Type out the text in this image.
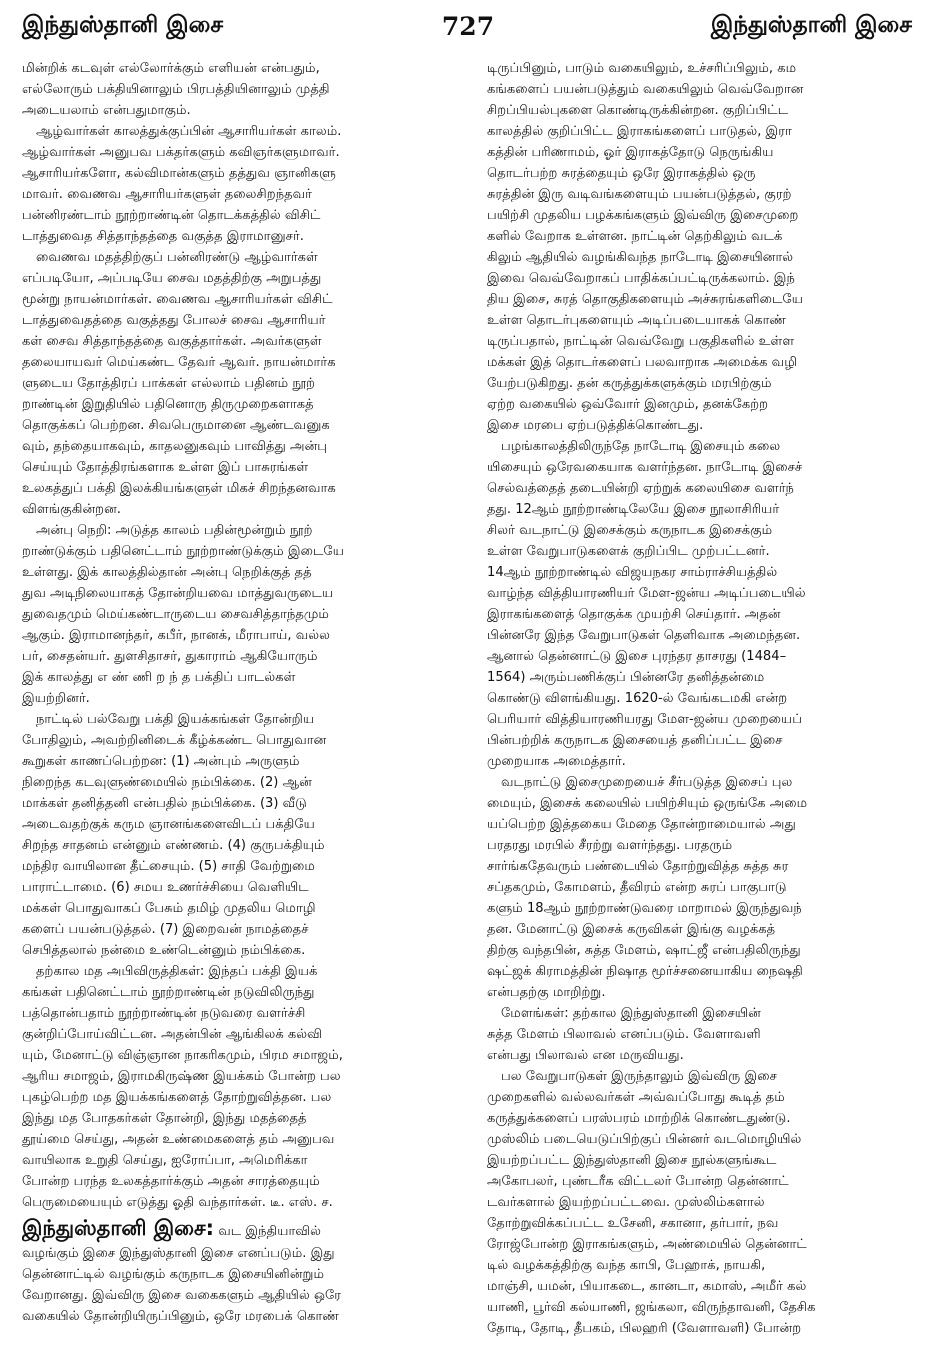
இந்துஸ்தானி இசை	727	இந்துஸ்தானி இசை
மின்றிக் கடவுள் எல்லோர்க்கும் எளியன் என்பதும்,
எல்லோரும் பக்தியினாலும் பிரபத்தியினாலும் முத்தி
அடையலாம் என்பதுமாகும்.
ஆழ்வார்கள் காலத்துக்குப்பின் ஆசாரியர்கள் காலம்.
ஆழ்வார்கள் அனுபவ பக்தர்களும் கவிஞர்களுமாவர்.
ஆசாரியர்களோ, கல்விமான்களும் தத்துவ ஞானிகளு
மாவர். வைணவ ஆசாரியர்களுள் தலைசிறந்தவர்
பன்னிரண்டாம் நூற்றாண்டின் தொடக்கத்தில் விசிட்
டாத்துவைத சித்தாந்தத்தை வகுத்த இராமானுசர்.
வைணவ மதத்திற்குப் பன்னிரண்டு ஆழ்வார்கள்
எப்படியோ, அப்படியே சைவ மதத்திற்கு அறுபத்து
மூன்று நாயன்மார்கள். வைணவ ஆசாரியர்கள் விசிட்
டாத்துவைதத்தை வகுத்தது போலச் சைவ ஆசாரியர்
கள் சைவ சித்தாந்தத்தை வகுத்தார்கள். அவர்களுள்
தலையாயவர் மெய்கண்ட தேவர் ஆவர். நாயன்மார்க
ளுடைய தோத்திரப் பாக்கள் எல்லாம் பதினம் நூற்
றாண்டின் இறுதியில் பதினொரு திருமுறைகளாகத்
தொகுக்கப் பெற்றன. சிவபெருமானை ஆண்டவனுக
வும், தந்தையாகவும், காதலனுகவும் பாவித்து அன்பு
செய்யும் தோத்திரங்களாக உள்ள இப் பாசுரங்கள்
உலகத்துப் பக்தி இலக்கியங்களுள் மிகச் சிறந்தனவாக
விளங்குகின்றன.
அன்பு நெறி: அடுத்த காலம் பதின்மூன்றும் நூற்
றாண்டுக்கும் பதினெட்டாம் நூற்றாண்டுக்கும் இடையே
உள்ளது. இக் காலத்தில்தான் அன்பு நெறிக்குத் தத்
துவ அடிநிலையாகத் தோன்றியவை மாத்துவருடைய
துவைதமும் மெய்கண்டாருடைய சைவசித்தாந்தமும்
ஆகும். இராமானந்தர், கபீர், நானக், மீராபாய், வல்ல
பர், சைதன்யர். துளசிதாசர், துகாராம் ஆகியோரும்
இக் காலத்து எ ண் ணி ற ந் த பக்திப் பாடல்கள்
இயற்றினர்.
நாட்டில் பல்வேறு பக்தி இயக்கங்கள் தோன்றிய
போதிலும், அவற்றினிடைக் கீழ்க்கண்ட பொதுவான
கூறுகள் காணப்பெற்றன: (1) அன்பும் அருளும்
நிறைந்த கடவுளுண்மையில் நம்பிக்கை. (2) ஆன்
மாக்கள் தனித்தனி என்பதில் நம்பிக்கை. (3) வீடு
அடைவதற்குக் கரும ஞானங்களைவிடப் பக்தியே
சிறந்த சாதனம் என்னும் எண்ணம். (4) குருபக்தியும்
மந்திர வாயிலான தீட்சையும். (5) சாதி வேற்றுமை
பாராட்டாமை. (6) சமய உணர்ச்சியை வெளியிட
மக்கள் பொதுவாகப் பேசும் தமிழ் முதலிய மொழி
களைப் பயன்படுத்தல். (7) இறைவன் நாமத்தைச்
செபித்தலால் நன்மை உண்டென்னும் நம்பிக்கை.
தற்கால மத அபிவிருத்திகள்: இந்தப் பக்தி இயக்
கங்கள் பதினெட்டாம் நூற்றாண்டின் நடுவிலிருந்து
பத்தொன்பதாம் நூற்றாண்டின் நடுவரை வளர்ச்சி
குன்றிப்போய்விட்டன. அதன்பின் ஆங்கிலக் கல்வி
யும், மேனாட்டு விஞ்ஞான நாகரிகமும், பிரம சமாஜம்,
ஆரிய சமாஜம், இராமகிருஷ்ண இயக்கம் போன்ற பல
புகழ்பெற்ற மத இயக்கங்களைத் தோற்றுவித்தன. பல
இந்து மத போதகர்கள் தோன்றி, இந்து மதத்தைத்
தூய்மை செய்து, அதன் உண்மைகளைத் தம் அனுபவ
வாயிலாக உறுதி செய்து, ஐரோப்பா, அமெரிக்கா
போன்ற பரந்த உலகத்தார்க்கும் அதன் சாரத்தையும்
பெருமையையும் எடுத்து ஓதி வந்தார்கள். டீ. எஸ். ச.
இந்துஸ்தானி இசை: வட இந்தியாவில்
வழங்கும் இசை இந்துஸ்தானி இசை எனப்படும். இது
தென்னாட்டில் வழங்கும் கருநாடக இசையினின்றும்
வேறானது. இவ்விரு இசை வகைகளும் ஆதியில் ஒரே
வகையில் தோன்றியிருப்பினும், ஒரே மரபைக் கொண்
டிருப்பினும், பாடும் வகையிலும், உச்சரிப்பிலும், கம
கங்களைப் பயன்படுத்தும் வகையிலும் வெவ்வேறான
சிறப்பியல்புகளை கொண்டிருக்கின்றன. குறிப்பிட்ட
காலத்தில் குறிப்பிட்ட இராகங்களைப் பாடுதல், இரா
கத்தின் பரிணாமம், ஓர் இராகத்தோடு நெருங்கிய
தொடர்பற்ற சுரத்தையும் ஒரே இராகத்தில் ஒரு
சுரத்தின் இரு வடிவங்களையும் பயன்படுத்தல், குரற்
பயிற்சி முதலிய பழக்கங்களும் இவ்விரு இசைமுறை
களில் வேறாக உள்ளன. நாட்டின் தெற்கிலும் வடக்
கிலும் ஆதியில் வழங்கிவந்த நாடோடி இசையினால்
இவை வெவ்வேறாகப் பாதிக்கப்பட்டிருக்கலாம். இந்
திய இசை, சுரத் தொகுதிகளையும் அச்சுரங்களிடையே
உள்ள தொடர்புகளையும் அடிப்படையாகக் கொண்
டிருப்பதால், நாட்டின் வெவ்வேறு பகுதிகளில் உள்ள
மக்கள் இத் தொடர்களைப் பலவாறாக அமைக்க வழி
யேற்படுகிறது. தன் கருத்துக்களுக்கும் மரபிற்கும்
ஏற்ற வகையில் ஒவ்வோர் இனமும், தனக்கேற்ற
இசை மரபை ஏற்படுத்திக்கொண்டது.
பழங்காலத்திலிருந்தே நாடோடி இசையும் கலை
யிசையும் ஒரேவகையாக வளர்ந்தன. நாடோடி இசைச்
செல்வத்தைத் தடையின்றி ஏற்றுக் கலையிசை வளர்ந்
தது. 12ஆம் நூற்றாண்டிலேயே இசை நூலாசிரியர்
சிலர் வடநாட்டு இசைக்கும் கருநாடக இசைக்கும்
உள்ள வேறுபாடுகளைக் குறிப்பிட முற்பட்டனர்.
14ஆம் நூற்றாண்டில் விஜயநகர சாம்ராச்சியத்தில்
வாழ்ந்த வித்தியாரணியர் மேள-ஜன்ய அடிப்படையில்
இராகங்களைத் தொகுக்க முயற்சி செய்தார். அதன்
பின்னரே இந்த வேறுபாடுகள் தெளிவாக அமைந்தன.
ஆனால் தென்னாட்டு இசை புரந்தர தாசரது (1484–
1564) அரும்பணிக்குப் பின்னரே தனித்தன்மை
கொண்டு விளங்கியது. 1620-ல் வேங்கடமகி என்ற
பெரியார் வித்தியாரணியரது மேள-ஜன்ய முறையைப்
பின்பற்றிக் கருநாடக இசையைத் தனிப்பட்ட இசை
முறையாக அமைத்தார்.
வடநாட்டு இசைமுறையைச் சீர்படுத்த இசைப் புல
மையும், இசைக் கலையில் பயிற்சியும் ஒருங்கே அமை
யப்பெற்ற இத்தகைய மேதை தோன்றாமையால் அது
பரதரது மரபில் சீரற்று வளர்ந்தது. பரதரும்
சார்ங்கதேவரும் பண்டையில் தோற்றுவித்த சுத்த சுர
சப்தகமும், கோமளம், தீவிரம் என்ற சுரப் பாகுபாடு
களும் 18ஆம் நூற்றாண்டுவரை மாறாமல் இருந்துவந்
தன. மேனாட்டு இசைக் கருவிகள் இங்கு வழக்கத்
திற்கு வந்தபின், சுத்த மேளம், ஷாட்ஜீ என்பதிலிருந்து
ஷட்ஜக் கிராமத்தின் நிஷாத மூர்ச்சனையாகிய நைஷதி
என்பதற்கு மாறிற்று.
மேளங்கள்: தற்கால இந்துஸ்தானி இசையின்
சுத்த மேளம் பிலாவல் எனப்படும். வேளாவளி
என்பது பிலாவல் என மருவியது.
பல வேறுபாடுகள் இருந்தாலும் இவ்விரு இசை
முறைகளில் வல்லவர்கள் அவ்வப்போது கூடித் தம்
கருத்துக்களைப் பரஸ்பரம் மாற்றிக் கொண்டதுண்டு.
முஸ்லிம் படையெடுப்பிற்குப் பின்னர் வடமொழியில்
இயற்றப்பட்ட இந்துஸ்தானி இசை நூல்களுங்கூட
அகோபலர், புண்டரீக விட்டலர் போன்ற தென்னாட்
டவர்களால் இயற்றப்பட்டவை. முஸ்லிம்களால்
தோற்றுவிக்கப்பட்ட உசேனி, சகானா, தர்பார், நவ
ரோஜ்போன்ற இராகங்களும், அண்மையில் தென்னாட்
டில் வழக்கத்திற்கு வந்த காபி, பேஹாக், நாயகி,
மாஞ்சி, யமன், பியாகடை, கானடா, கமாஸ், அமீர் கல்
யாணி, பூர்வி கல்யாணி, ஜங்கலா, விருந்தாவனி, தேசிக
தோடி, தோடி, தீபகம், பிலஹரி (வேளாவளி) போன்ற
